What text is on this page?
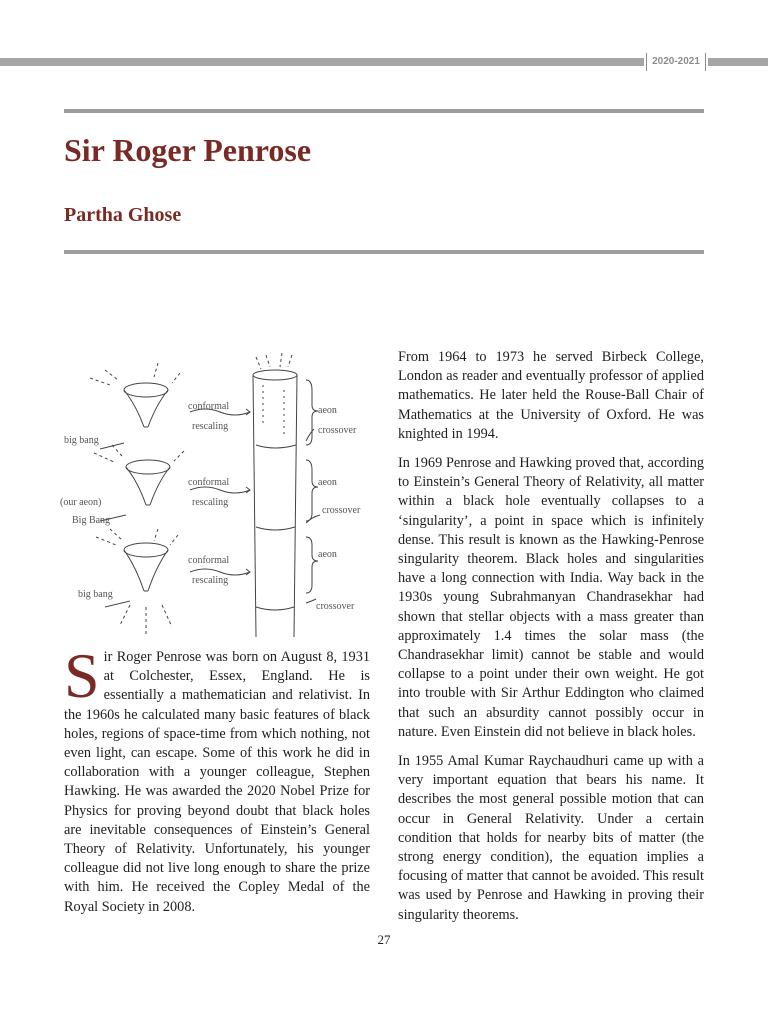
2020-2021
Sir Roger Penrose
Partha Ghose
conformal
rescaling
big bang
conformal
rescaling
(our aeon)
Big Bang
conformal
rescaling
big bang
aeon
crossover
aeon
crossover
aeon
crossover

Sir Roger Penrose was born on August 8, 1931 at Colchester, Essex, England. He is essentially a mathematician and relativist. In the 1960s he calculated many basic features of black holes, regions of space-time from which nothing, not even light, can escape. Some of this work he did in collaboration with a younger colleague, Stephen Hawking. He was awarded the 2020 Nobel Prize for Physics for proving beyond doubt that black holes are inevitable consequences of Einstein’s General Theory of Relativity. Unfortunately, his younger colleague did not live long enough to share the prize with him. He received the Copley Medal of the Royal Society in 2008.

From 1964 to 1973 he served Birbeck College, London as reader and eventually professor of applied mathematics. He later held the Rouse-Ball Chair of Mathematics at the University of Oxford. He was knighted in 1994.

In 1969 Penrose and Hawking proved that, according to Einstein’s General Theory of Relativity, all matter within a black hole eventually collapses to a ‘singularity’, a point in space which is infinitely dense. This result is known as the Hawking-Penrose singularity theorem. Black holes and singularities have a long connection with India. Way back in the 1930s young Subrahmanyan Chandrasekhar had shown that stellar objects with a mass greater than approximately 1.4 times the solar mass (the Chandrasekhar limit) cannot be stable and would collapse to a point under their own weight. He got into trouble with Sir Arthur Eddington who claimed that such an absurdity cannot possibly occur in nature. Even Einstein did not believe in black holes.

In 1955 Amal Kumar Raychaudhuri came up with a very important equation that bears his name. It describes the most general possible motion that can occur in General Relativity. Under a certain condition that holds for nearby bits of matter (the strong energy condition), the equation implies a focusing of matter that cannot be avoided. This result was used by Penrose and Hawking in proving their singularity theorems.

27
